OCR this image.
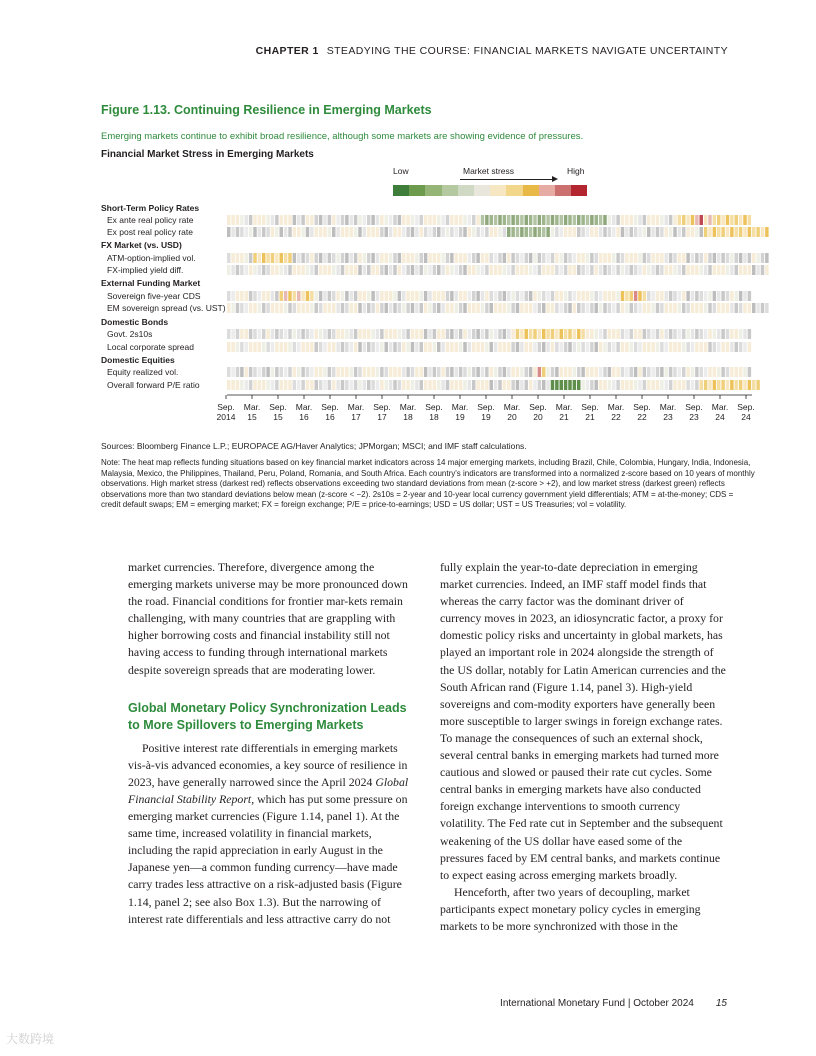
CHAPTER 1 STEADYING THE COURSE: FINANCIAL MARKETS NAVIGATE UNCERTAINTY
Figure 1.13. Continuing Resilience in Emerging Markets
Emerging markets continue to exhibit broad resilience, although some markets are showing evidence of pressures.
Financial Market Stress in Emerging Markets
Low	Market stress	High
Short-Term Policy Rates
Ex ante real policy rate
Ex post real policy rate
FX Market (vs. USD)
ATM-option-implied vol.
FX-implied yield diff.
External Funding Market
Sovereign five-year CDS
EM sovereign spread (vs. UST)
Domestic Bonds
Govt. 2s10s
Local corporate spread
Domestic Equities
Equity realized vol.
Overall forward P/E ratio
Sep.
2014
Mar.
15
Sep.
15
Mar.
16
Sep.
16
Mar.
17
Sep.
17
Mar.
18
Sep.
18
Mar.
19
Sep.
19
Mar.
20
Sep.
20
Mar.
21
Sep.
21
Mar.
22
Sep.
22
Mar.
23
Sep.
23
Mar.
24
Sep.
24
Sources: Bloomberg Finance L.P.; EUROPACE AG/Haver Analytics; JPMorgan; MSCI; and IMF staff calculations.
Note: The heat map reflects funding situations based on key financial market indicators across 14 major emerging markets, including Brazil, Chile, Colombia, Hungary, India, Indonesia, Malaysia, Mexico, the Philippines, Thailand, Peru, Poland, Romania, and South Africa. Each country's indicators are transformed into a normalized z-score based on 10 years of monthly observations. High market stress (darkest red) reflects observations exceeding two standard deviations from mean (z-score > +2), and low market stress (darkest green) reflects observations more than two standard deviations below mean (z-score < −2). 2s10s = 2-year and 10-year local currency government yield differentials; ATM = at-the-money; CDS = credit default swaps; EM = emerging market; FX = foreign exchange; P/E = price-to-earnings; USD = US dollar; UST = US Treasuries; vol = volatility.

market currencies. Therefore, divergence among the emerging markets universe may be more pronounced down the road. Financial conditions for frontier mar-kets remain challenging, with many countries that are grappling with higher borrowing costs and financial instability still not having access to funding through international markets despite sovereign spreads that are moderating lower.

Global Monetary Policy Synchronization Leads to More Spillovers to Emerging Markets

Positive interest rate differentials in emerging markets vis-à-vis advanced economies, a key source of resilience in 2023, have generally narrowed since the April 2024 Global Financial Stability Report, which has put some pressure on emerging market currencies (Figure 1.14, panel 1). At the same time, increased volatility in financial markets, including the rapid appreciation in early August in the Japanese yen—a common funding currency—have made carry trades less attractive on a risk-adjusted basis (Figure 1.14, panel 2; see also Box 1.3). But the narrowing of interest rate differentials and less attractive carry do not

fully explain the year-to-date depreciation in emerging market currencies. Indeed, an IMF staff model finds that whereas the carry factor was the dominant driver of currency moves in 2023, an idiosyncratic factor, a proxy for domestic policy risks and uncertainty in global markets, has played an important role in 2024 alongside the strength of the US dollar, notably for Latin American currencies and the South African rand (Figure 1.14, panel 3). High-yield sovereigns and com-modity exporters have generally been more susceptible to larger swings in foreign exchange rates. To manage the consequences of such an external shock, several central banks in emerging markets had turned more cautious and slowed or paused their rate cut cycles. Some central banks in emerging markets have also conducted foreign exchange interventions to smooth currency volatility. The Fed rate cut in September and the subsequent weakening of the US dollar have eased some of the pressures faced by EM central banks, and markets continue to expect easing across emerging markets broadly.

Henceforth, after two years of decoupling, market participants expect monetary policy cycles in emerging markets to be more synchronized with those in the

International Monetary Fund | October 2024 15
大数跨境
